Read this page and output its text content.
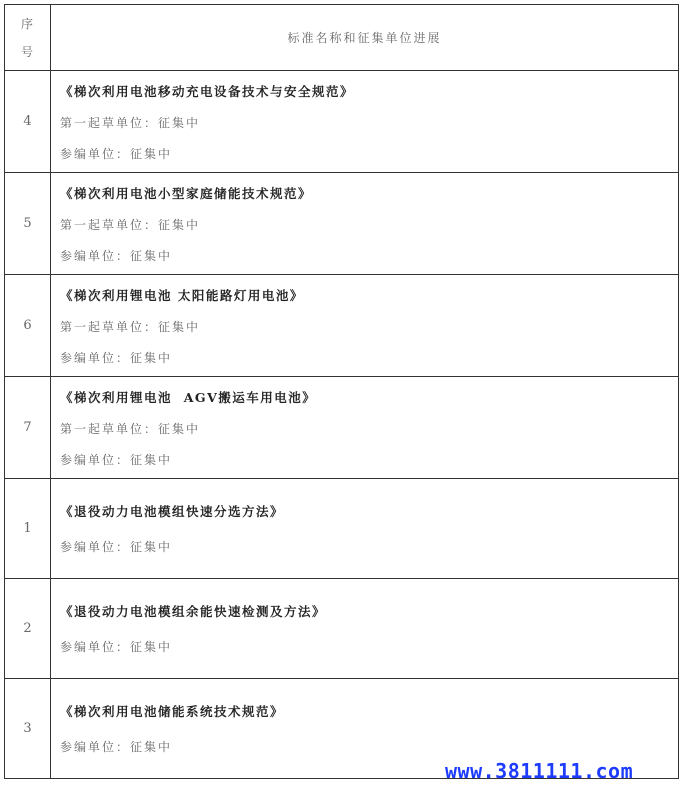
序
号	标准名称和征集单位进展
4	《梯次利用电池移动充电设备技术与安全规范》
第一起草单位：征集中
参编单位：征集中

5	《梯次利用电池小型家庭储能技术规范》
第一起草单位：征集中
参编单位：征集中

6	《梯次利用锂电池 太阳能路灯用电池》
第一起草单位：征集中
参编单位：征集中

7	《梯次利用锂电池  AGV搬运车用电池》
第一起草单位：征集中
参编单位：征集中

1	《退役动力电池模组快速分选方法》
参编单位：征集中

2	《退役动力电池模组余能快速检测及方法》
参编单位：征集中

3	《梯次利用电池储能系统技术规范》
参编单位：征集中
www.3811111.com
